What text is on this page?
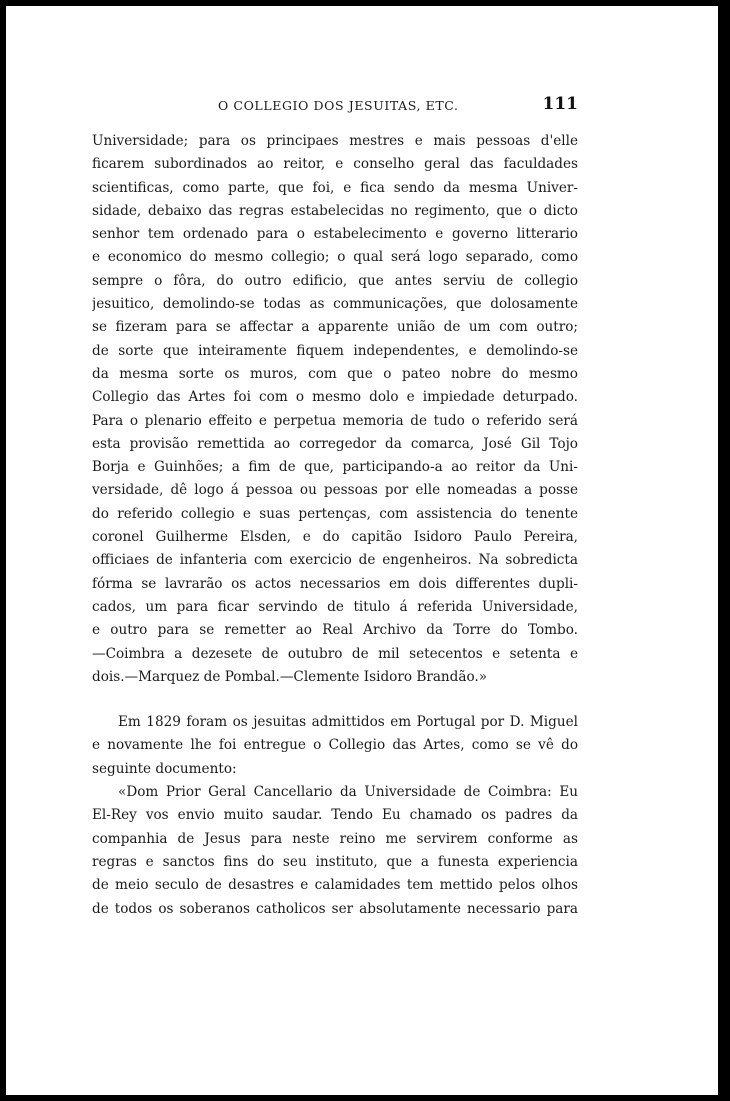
O COLLEGIO DOS JESUITAS, ETC.	111
Universidade; para os principaes mestres e mais pessoas d'elle
ficarem subordinados ao reitor, e conselho geral das faculdades
scientificas, como parte, que foi, e fica sendo da mesma Univer-
sidade, debaixo das regras estabelecidas no regimento, que o dicto
senhor tem ordenado para o estabelecimento e governo litterario
e economico do mesmo collegio; o qual será logo separado, como
sempre o fôra, do outro edificio, que antes serviu de collegio
jesuitico, demolindo-se todas as communicações, que dolosamente
se fizeram para se affectar a apparente união de um com outro;
de sorte que inteiramente fiquem independentes, e demolindo-se
da mesma sorte os muros, com que o pateo nobre do mesmo
Collegio das Artes foi com o mesmo dolo e impiedade deturpado.
Para o plenario effeito e perpetua memoria de tudo o referido será
esta provisão remettida ao corregedor da comarca, José Gil Tojo
Borja e Guinhões; a fim de que, participando-a ao reitor da Uni-
versidade, dê logo á pessoa ou pessoas por elle nomeadas a posse
do referido collegio e suas pertenças, com assistencia do tenente
coronel Guilherme Elsden, e do capitão Isidoro Paulo Pereira,
officiaes de infanteria com exercicio de engenheiros. Na sobredicta
fórma se lavrarão os actos necessarios em dois differentes dupli-
cados, um para ficar servindo de titulo á referida Universidade,
e outro para se remetter ao Real Archivo da Torre do Tombo.
—Coimbra a dezesete de outubro de mil setecentos e setenta e
dois.—Marquez de Pombal.—Clemente Isidoro Brandão.»
Em 1829 foram os jesuitas admittidos em Portugal por D. Miguel
e novamente lhe foi entregue o Collegio das Artes, como se vê do
seguinte documento:
«Dom Prior Geral Cancellario da Universidade de Coimbra: Eu
El-Rey vos envio muito saudar. Tendo Eu chamado os padres da
companhia de Jesus para neste reino me servirem conforme as
regras e sanctos fins do seu instituto, que a funesta experiencia
de meio seculo de desastres e calamidades tem mettido pelos olhos
de todos os soberanos catholicos ser absolutamente necessario para
